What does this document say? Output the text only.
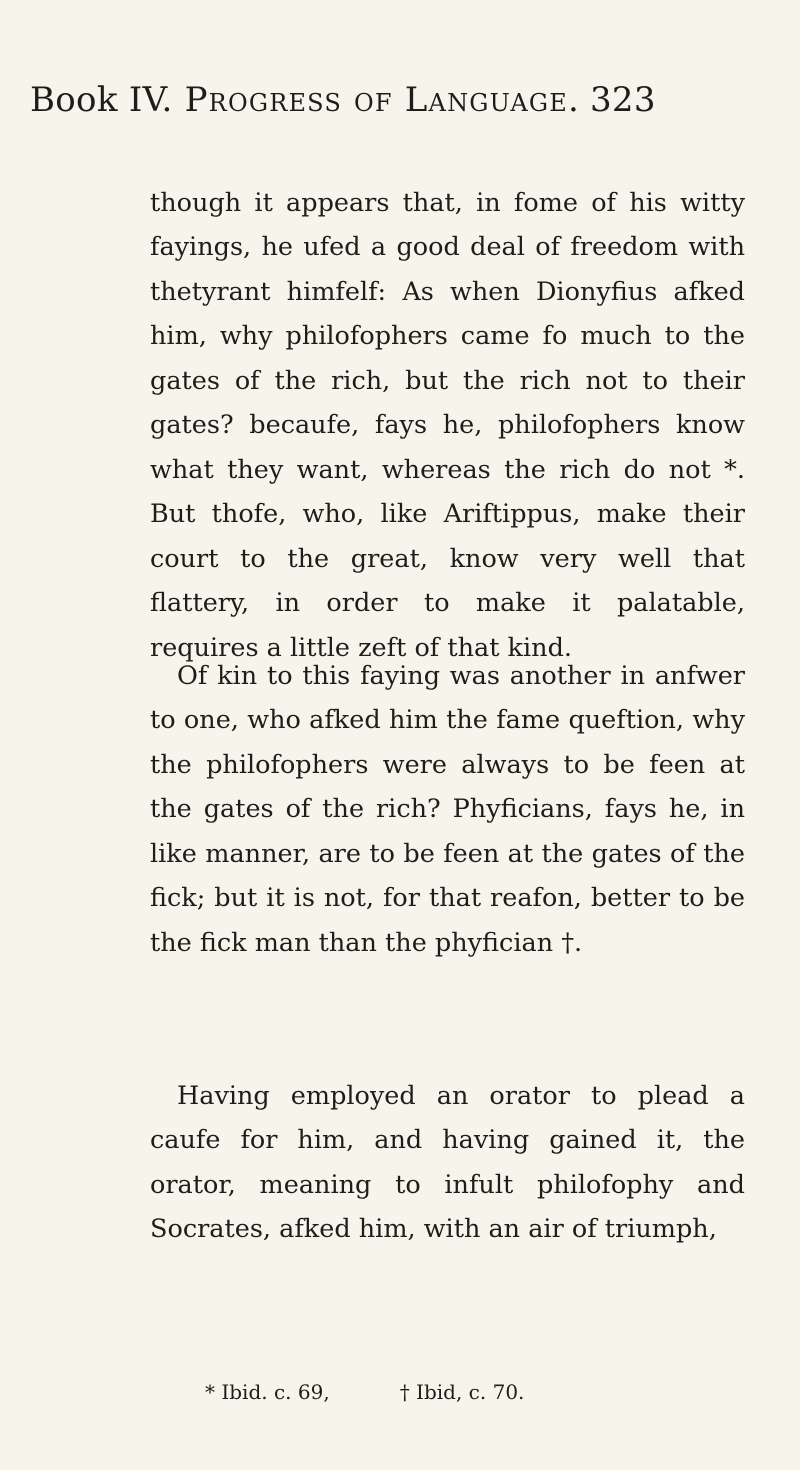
Book IV. Progress of Language. 323

though it appears that, in fome of his witty fayings, he ufed a good deal of freedom with thetyrant himfelf: As when Dionyfius afked him, why philofophers came fo much to the gates of the rich, but the rich not to their gates? becaufe, fays he, philofophers know what they want, whereas the rich do not *. But thofe, who, like Ariftippus, make their court to the great, know very well that flattery, in order to make it palatable, requires a little zeft of that kind.

Of kin to this faying was another in anfwer to one, who afked him the fame queftion, why the philofophers were always to be feen at the gates of the rich? Phyficians, fays he, in like manner, are to be feen at the gates of the fick; but it is not, for that reafon, better to be the fick man than the phyfician †.

Having employed an orator to plead a caufe for him, and having gained it, the orator, meaning to infult philofophy and Socrates, afked him, with an air of triumph,

* Ibid. c. 69,	† Ibid, c. 70.
